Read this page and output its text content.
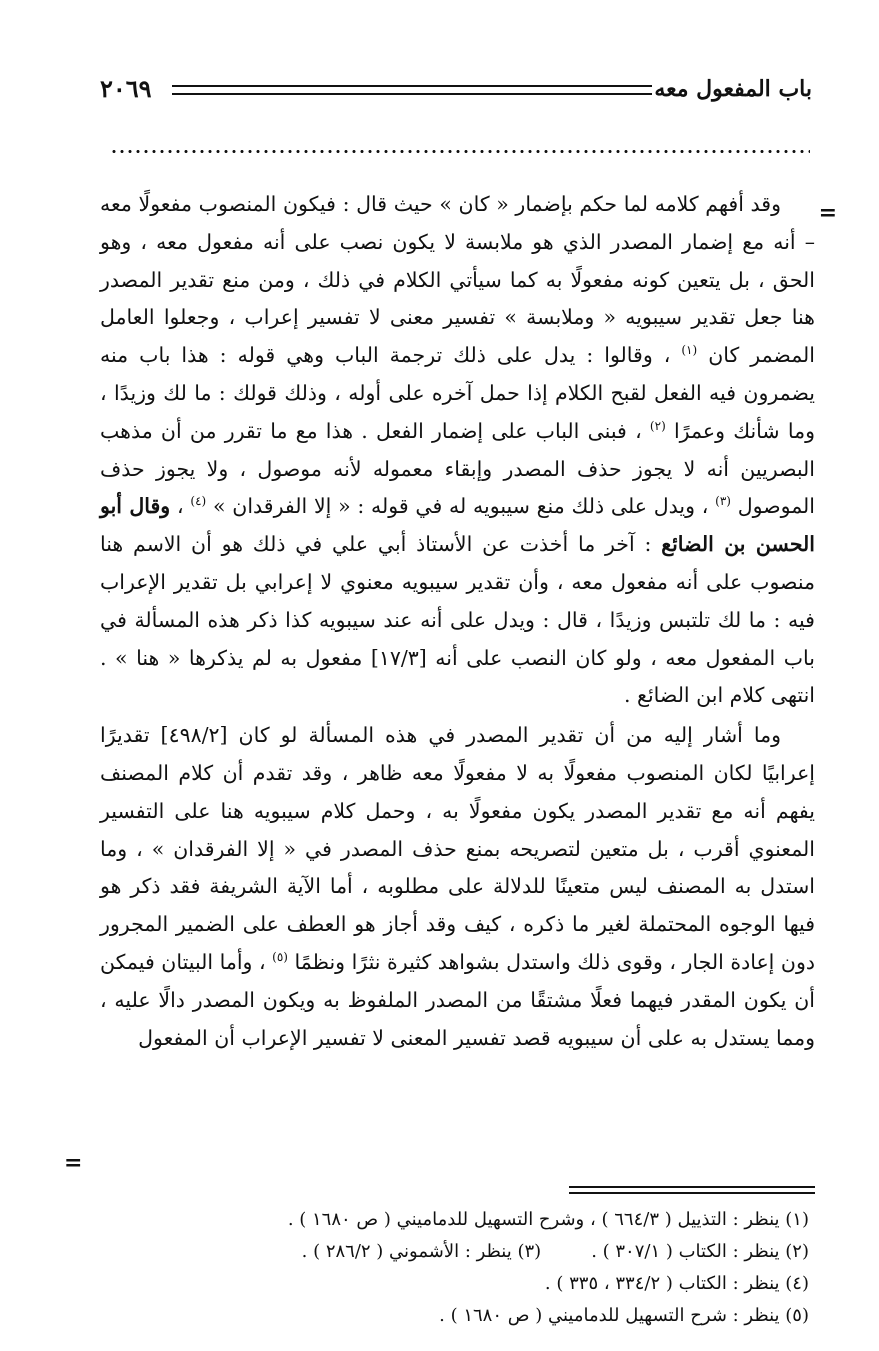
باب المفعول معه
٢٠٦٩
=

وقد أفهم كلامه لما حكم بإضمار « كان » حيث قال : فيكون المنصوب مفعولًا معه – أنه مع إضمار المصدر الذي هو ملابسة لا يكون نصب على أنه مفعول معه ، وهو الحق ، بل يتعين كونه مفعولًا به كما سيأتي الكلام في ذلك ، ومن منع تقدير المصدر هنا جعل تقدير سيبويه « وملابسة » تفسير معنى لا تفسير إعراب ، وجعلوا العامل المضمر كان $^{(١)}$ ، وقالوا : يدل على ذلك ترجمة الباب وهي قوله : هذا باب منه يضمرون فيه الفعل لقبح الكلام إذا حمل آخره على أوله ، وذلك قولك : ما لك وزيدًا ، وما شأنك وعمرًا $^{(٢)}$ ، فبنى الباب على إضمار الفعل . هذا مع ما تقرر من أن مذهب البصريين أنه لا يجوز حذف المصدر وإبقاء معموله لأنه موصول ، ولا يجوز حذف الموصول $^{(٣)}$ ، ويدل على ذلك منع سيبويه له في قوله : « إلا الفرقدان » $^{(٤)}$ ، وقال أبو الحسن بن الضائع : آخر ما أخذت عن الأستاذ أبي علي في ذلك هو أن الاسم هنا منصوب على أنه مفعول معه ، وأن تقدير سيبويه معنوي لا إعرابي بل تقدير الإعراب فيه : ما لك تلتبس وزيدًا ، قال : ويدل على أنه عند سيبويه كذا ذكر هذه المسألة في باب المفعول معه ، ولو كان النصب على أنه [١٧/٣] مفعول به لم يذكرها « هنا » . انتهى كلام ابن الضائع .

وما أشار إليه من أن تقدير المصدر في هذه المسألة لو كان [٤٩٨/٢] تقديرًا إعرابيًا لكان المنصوب مفعولًا به لا مفعولًا معه ظاهر ، وقد تقدم أن كلام المصنف يفهم أنه مع تقدير المصدر يكون مفعولًا به ، وحمل كلام سيبويه هنا على التفسير المعنوي أقرب ، بل متعين لتصريحه بمنع حذف المصدر في « إلا الفرقدان » ، وما استدل به المصنف ليس متعينًا للدلالة على مطلوبه ، أما الآية الشريفة فقد ذكر هو فيها الوجوه المحتملة لغير ما ذكره ، كيف وقد أجاز هو العطف على الضمير المجرور دون إعادة الجار ، وقوى ذلك واستدل بشواهد كثيرة نثرًا ونظمًا $^{(٥)}$ ، وأما البيتان فيمكن أن يكون المقدر فيهما فعلًا مشتقًا من المصدر الملفوظ به ويكون المصدر دالًا عليه ، ومما يستدل به على أن سيبويه قصد تفسير المعنى لا تفسير الإعراب أن المفعول

=
(١) ينظر : التذييل ( ٦٦٤/٣ ) ، وشرح التسهيل للدماميني ( ص ١٦٨٠ ) .
(٢) ينظر : الكتاب ( ٣٠٧/١ ) .(٣) ينظر : الأشموني ( ٢٨٦/٢ ) .
(٤) ينظر : الكتاب ( ٣٣٤/٢ ، ٣٣٥ ) .
(٥) ينظر : شرح التسهيل للدماميني ( ص ١٦٨٠ ) .
